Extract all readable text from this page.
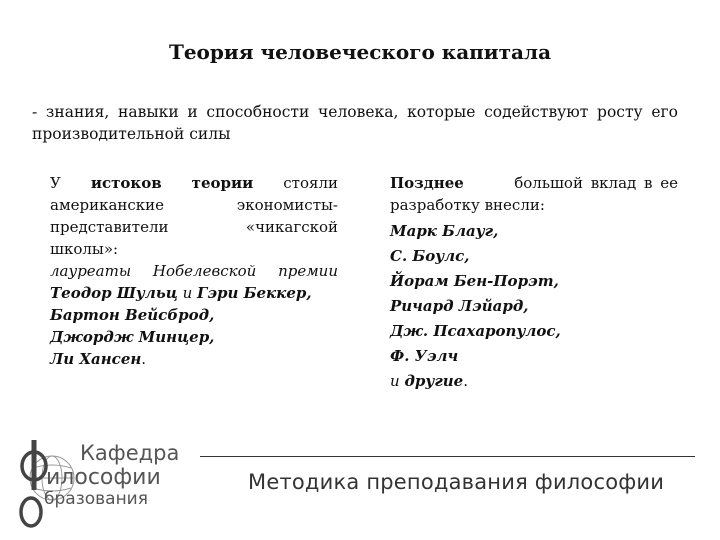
Теория человеческого капитала
- знания, навыки и способности человека, которые содействуют росту его производительной силы
У истоков теории стояли
американские экономисты-
представители «чикагской
школы»:
лауреаты Нобелевской премии
Теодор Шульц и Гэри Беккер,
Бартон Вейсброд,
Джордж Минцер,
Ли Хансен.
Позднее	большой вклад в ее
разработку внесли:
Марк Блауг,
С. Боулс,
Йорам Бен-Порэт,
Ричард Лэйард,
Дж. Псахаропулос,
Ф. Уэлч
и другие.
Кафедра
илософии
бразования
Методика преподавания философии
